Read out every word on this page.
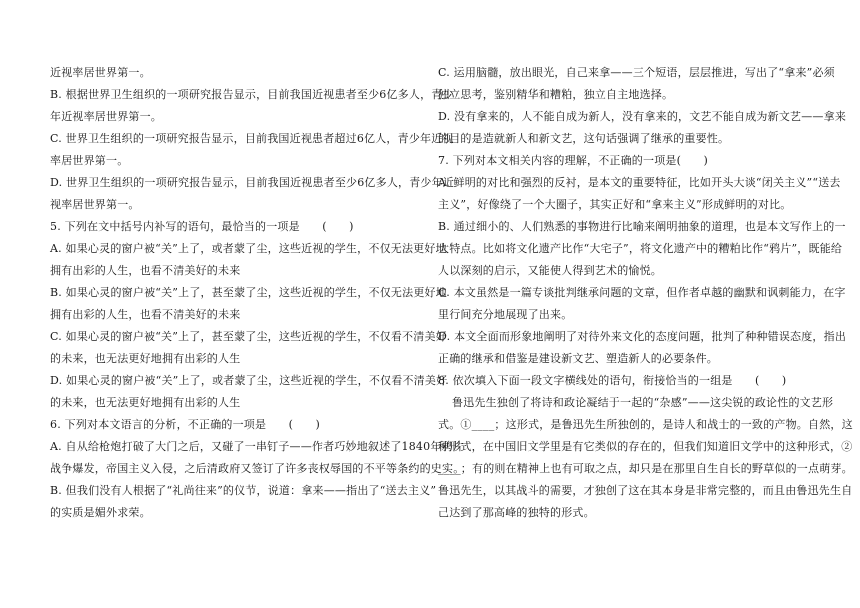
近视率居世界第一。
B. 根据世界卫生组织的一项研究报告显示，目前我国近视患者至少6亿多人，青少
年近视率居世界第一。
C. 世界卫生组织的一项研究报告显示，目前我国近视患者超过6亿人，青少年近视
率居世界第一。
D. 世界卫生组织的一项研究报告显示，目前我国近视患者至少6亿多人，青少年近
视率居世界第一。
5. 下列在文中括号内补写的语句，最恰当的一项是　　(　　)
A. 如果心灵的窗户被“关”上了，或者蒙了尘，这些近视的学生，不仅无法更好地
拥有出彩的人生，也看不清美好的未来
B. 如果心灵的窗户被“关”上了，甚至蒙了尘，这些近视的学生，不仅无法更好地
拥有出彩的人生，也看不清美好的未来
C. 如果心灵的窗户被“关”上了，甚至蒙了尘，这些近视的学生，不仅看不清美好
的未来，也无法更好地拥有出彩的人生
D. 如果心灵的窗户被“关”上了，或者蒙了尘，这些近视的学生，不仅看不清美好
的未来，也无法更好地拥有出彩的人生
6. 下列对本文语言的分析，不正确的一项是　　(　　)
A. 自从给枪炮打破了大门之后，又碰了一串钉子——作者巧妙地叙述了1840年鸦片
战争爆发，帝国主义入侵，之后清政府又签订了许多丧权辱国的不平等条约的史实。
B. 但我们没有人根据了“礼尚往来”的仪节，说道：拿来——指出了“送去主义”
的实质是媚外求荣。
C. 运用脑髓，放出眼光，自己来拿——三个短语，层层推进，写出了“拿来”必须
独立思考，鉴别精华和糟粕，独立自主地选择。
D. 没有拿来的，人不能自成为新人，没有拿来的，文艺不能自成为新文艺——拿来
的目的是造就新人和新文艺，这句话强调了继承的重要性。
7. 下列对本文相关内容的理解，不正确的一项是(　　)
A. 鲜明的对比和强烈的反衬，是本文的重要特征，比如开头大谈“闭关主义”“送去
主义”，好像绕了一个大圈子，其实正好和“拿来主义”形成鲜明的对比。
B. 通过细小的、人们熟悉的事物进行比喻来阐明抽象的道理，也是本文写作上的一
大特点。比如将文化遗产比作“大宅子”，将文化遗产中的糟粕比作“鸦片”，既能给
人以深刻的启示，又能使人得到艺术的愉悦。
C. 本文虽然是一篇专谈批判继承问题的文章，但作者卓越的幽默和讽刺能力，在字
里行间充分地展现了出来。
D. 本文全面而形象地阐明了对待外来文化的态度问题，批判了种种错误态度，指出
正确的继承和借鉴是建设新文艺、塑造新人的必要条件。
8. 依次填入下面一段文字横线处的语句，衔接恰当的一组是　　(　　)
鲁迅先生独创了将诗和政论凝结于一起的“杂感”——这尖锐的政论性的文艺形
式。①____；这形式，是鲁迅先生所独创的，是诗人和战士的一致的产物。自然，这
种形式，在中国旧文学里是有它类似的存在的，但我们知道旧文学中的这种形式，②
____；有的则在精神上也有可取之点，却只是在那里自生自长的野草似的一点萌芽。
鲁迅先生，以其战斗的需要，才独创了这在其本身是非常完整的，而且由鲁迅先生自
己达到了那高峰的独特的形式。
